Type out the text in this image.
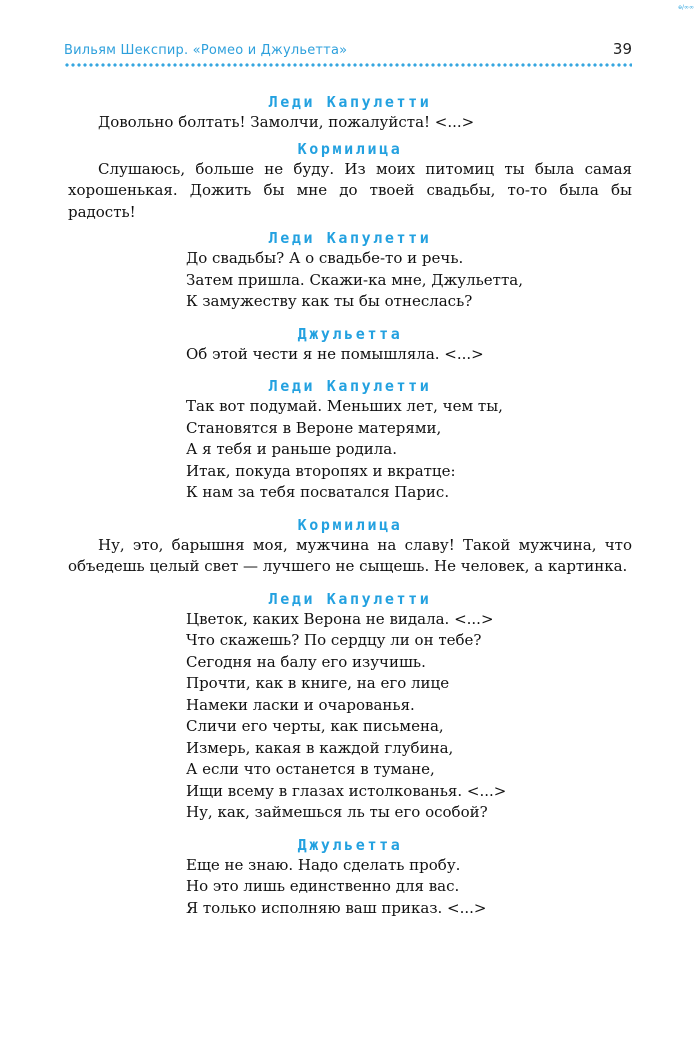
ѳ/∞∞
Вильям Шекспир. «Ромео и Джульетта»	39
Леди Капулетти

Довольно болтать! Замолчи, пожалуйста! <...>

Кормилица

Слушаюсь, больше не буду. Из моих питомиц ты была самая хорошенькая. Дожить бы мне до твоей свадьбы, то-то была бы радость!

Леди Капулетти
До свадьбы? А о свадьбе-то и речь.
Затем пришла. Скажи-ка мне, Джульетта,
К замужеству как ты бы отнеслась?
Джульетта
Об этой чести я не помышляла. <...>
Леди Капулетти
Так вот подумай. Меньших лет, чем ты,
Становятся в Вероне матерями,
А я тебя и раньше родила.
Итак, покуда второпях и вкратце:
К нам за тебя посватался Парис.
Кормилица

Ну, это, барышня моя, мужчина на славу! Такой мужчина, что объедешь целый свет — лучшего не сыщешь. Не человек, а картинка.

Леди Капулетти
Цветок, каких Верона не видала. <...>
Что скажешь? По сердцу ли он тебе?
Сегодня на балу его изучишь.
Прочти, как в книге, на его лице
Намеки ласки и очарованья.
Сличи его черты, как письмена,
Измерь, какая в каждой глубина,
А если что останется в тумане,
Ищи всему в глазах истолкованья. <...>
Ну, как, займешься ль ты его особой?
Джульетта
Еще не знаю. Надо сделать пробу.
Но это лишь единственно для вас.
Я только исполняю ваш приказ. <...>
